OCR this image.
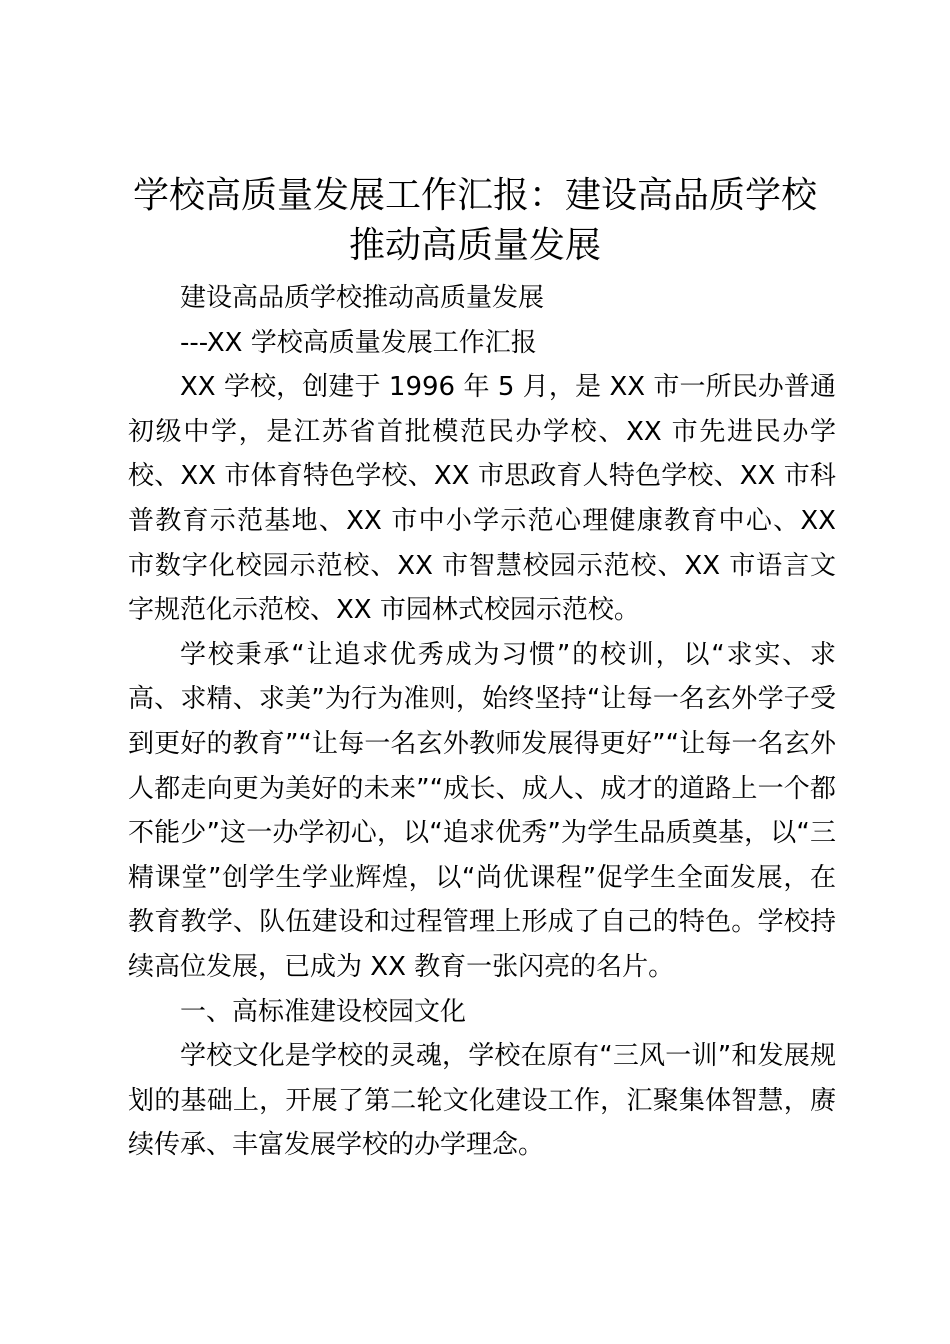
学校高质量发展工作汇报：建设高品质学校
推动高质量发展

建设高品质学校推动高质量发展

---XX 学校高质量发展工作汇报

XX 学校，创建于 1996 年 5 月，是 XX 市一所民办普通初级中学，是江苏省首批模范民办学校、XX 市先进民办学校、XX 市体育特色学校、XX 市思政育人特色学校、XX 市科普教育示范基地、XX 市中小学示范心理健康教育中心、XX 市数字化校园示范校、XX 市智慧校园示范校、XX 市语言文字规范化示范校、XX 市园林式校园示范校。

学校秉承“让追求优秀成为习惯”的校训，以“求实、求高、求精、求美”为行为准则，始终坚持“让每一名玄外学子受到更好的教育”“让每一名玄外教师发展得更好”“让每一名玄外人都走向更为美好的未来”“成长、成人、成才的道路上一个都不能少”这一办学初心，以“追求优秀”为学生品质奠基，以“三精课堂”创学生学业辉煌，以“尚优课程”促学生全面发展，在教育教学、队伍建设和过程管理上形成了自己的特色。学校持续高位发展，已成为 XX 教育一张闪亮的名片。

一、高标准建设校园文化

学校文化是学校的灵魂，学校在原有“三风一训”和发展规划的基础上，开展了第二轮文化建设工作，汇聚集体智慧，赓续传承、丰富发展学校的办学理念。
